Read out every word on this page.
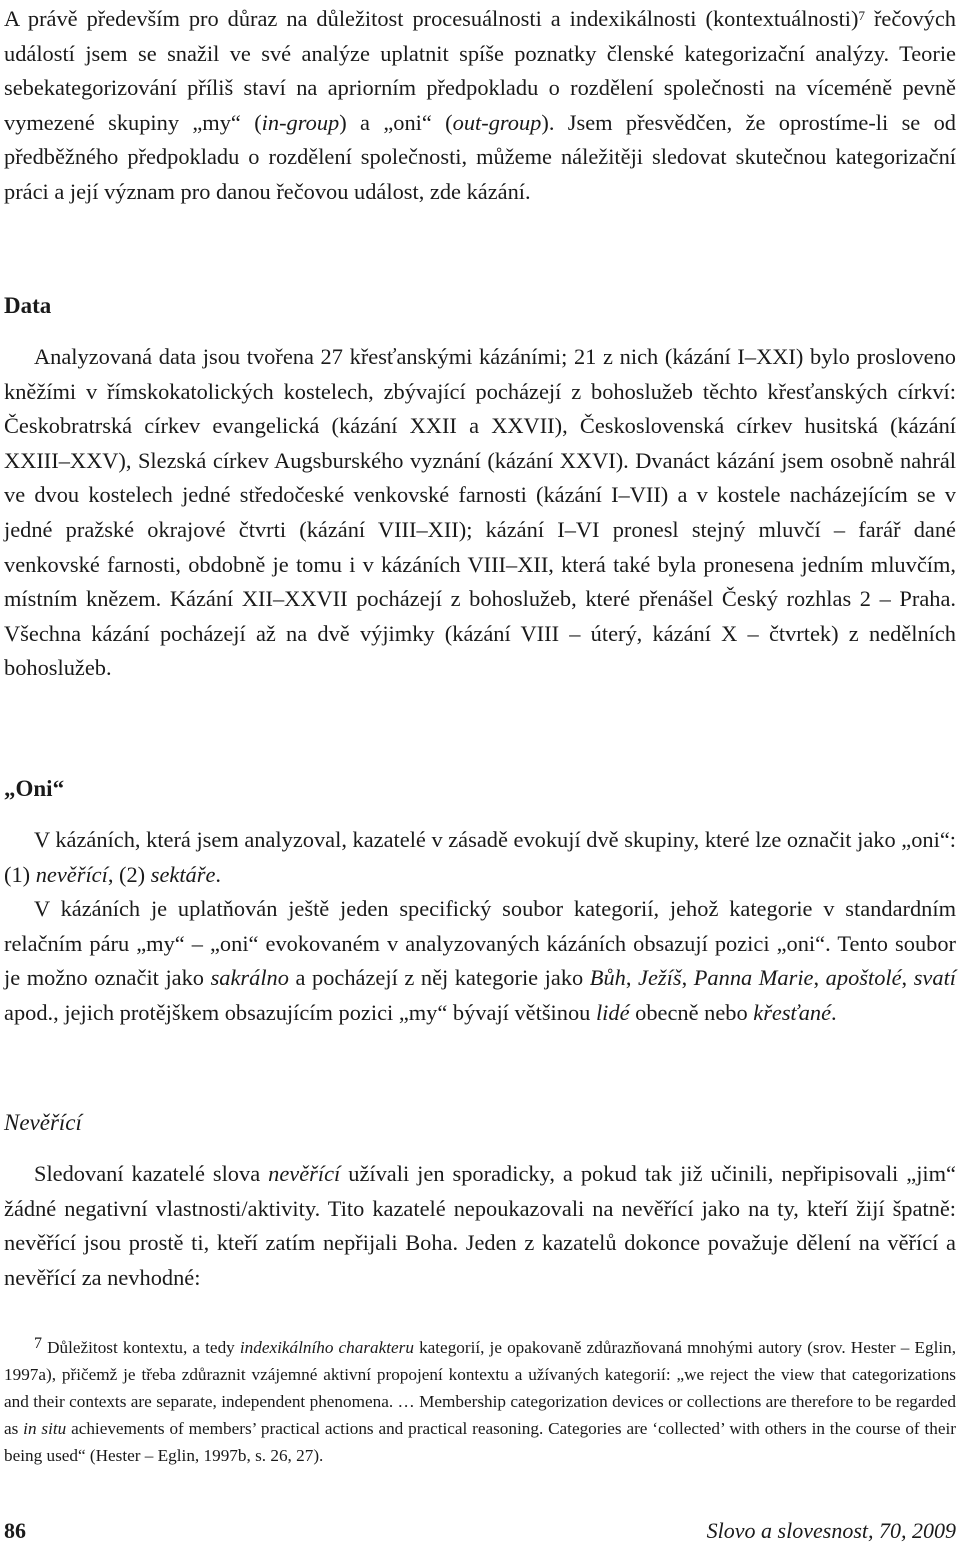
A právě především pro důraz na důležitost procesuálnosti a indexikálnosti (kontextuálnosti)$^7$ řečových událostí jsem se snažil ve své analýze uplatnit spíše poznatky členské kategorizační analýzy. Teorie sebekategorizování příliš staví na apriorním předpokladu o rozdělení společnosti na víceméně pevně vymezené skupiny „my“ (in-group) a „oni“ (out-group). Jsem přesvědčen, že oprostíme-li se od předběžného předpokladu o rozdělení společnosti, můžeme náležitěji sledovat skutečnou kategorizační práci a její význam pro danou řečovou událost, zde kázání.

Data

Analyzovaná data jsou tvořena 27 křesťanskými kázáními; 21 z nich (kázání I–XXI) bylo prosloveno kněžími v římskokatolických kostelech, zbývající pocházejí z bohoslužeb těchto křesťanských církví: Českobratrská církev evangelická (kázání XXII a XXVII), Československá církev husitská (kázání XXIII–XXV), Slezská církev Augsburského vyznání (kázání XXVI). Dvanáct kázání jsem osobně nahrál ve dvou kostelech jedné středočeské venkovské farnosti (kázání I–VII) a v kostele nacházejícím se v jedné pražské okrajové čtvrti (kázání VIII–XII); kázání I–VI pronesl stejný mluvčí – farář dané venkovské farnosti, obdobně je tomu i v kázáních VIII–XII, která také byla pronesena jedním mluvčím, místním knězem. Kázání XII–XXVII pocházejí z bohoslužeb, které přenášel Český rozhlas 2 – Praha. Všechna kázání pocházejí až na dvě výjimky (kázání VIII – úterý, kázání X – čtvrtek) z nedělních bohoslužeb.

„Oni“

V kázáních, která jsem analyzoval, kazatelé v zásadě evokují dvě skupiny, které lze označit jako „oni“: (1) nevěřící, (2) sektáře.

V kázáních je uplatňován ještě jeden specifický soubor kategorií, jehož kategorie v standardním relačním páru „my“ – „oni“ evokovaném v analyzovaných kázáních obsazují pozici „oni“. Tento soubor je možno označit jako sakrálno a pocházejí z něj kategorie jako Bůh, Ježíš, Panna Marie, apoštolé, svatí apod., jejich protějškem obsazujícím pozici „my“ bývají většinou lidé obecně nebo křesťané.

Nevěřící

Sledovaní kazatelé slova nevěřící užívali jen sporadicky, a pokud tak již učinili, nepřipisovali „jim“ žádné negativní vlastnosti/aktivity. Tito kazatelé nepoukazovali na nevěřící jako na ty, kteří žijí špatně: nevěřící jsou prostě ti, kteří zatím nepřijali Boha. Jeden z kazatelů dokonce považuje dělení na věřící a nevěřící za nevhodné:

7 Důležitost kontextu, a tedy indexikálního charakteru kategorií, je opakovaně zdůrazňovaná mnohými autory (srov. Hester – Eglin, 1997a), přičemž je třeba zdůraznit vzájemné aktivní propojení kontextu a užívaných kategorií: „we reject the view that categorizations and their contexts are separate, independent phenomena. … Membership categorization devices or collections are therefore to be regarded as in situ achievements of members’ practical actions and practical reasoning. Categories are ‘collected’ with others in the course of their being used“ (Hester – Eglin, 1997b, s. 26, 27).

86	Slovo a slovesnost, 70, 2009
